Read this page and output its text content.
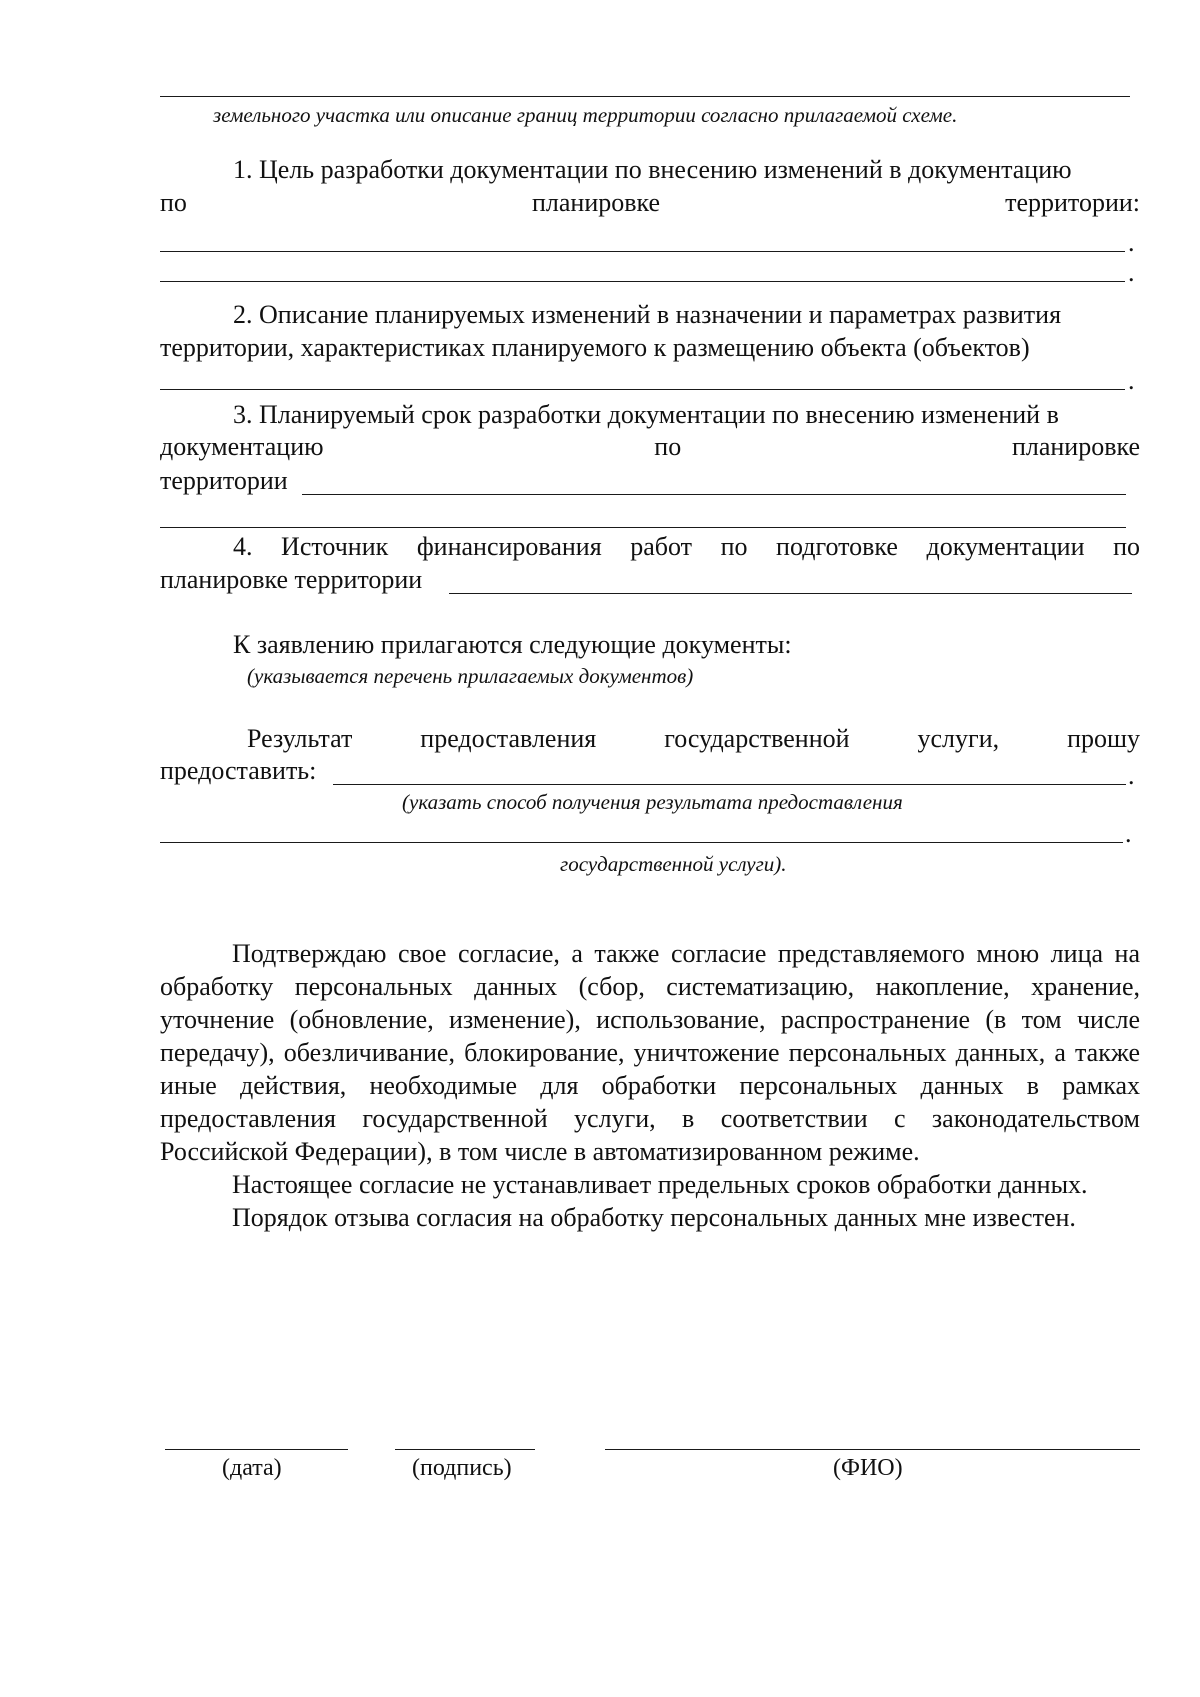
земельного участка или описание границ территории согласно прилагаемой схеме.
1. Цель разработки документации по внесению изменений в документацию
по	планировке	территории:
.
.
2. Описание планируемых изменений в назначении и параметрах развития
территории, характеристиках планируемого к размещению объекта (объектов)
.
3. Планируемый срок разработки документации по внесению изменений в
документацию	по	планировке
территории
4. Источник финансирования работ по подготовке документации по
планировке территории
К заявлению прилагаются следующие документы:
(указывается перечень прилагаемых документов)
Результат	предоставления	государственной	услуги,	прошу
предоставить:	.
(указать способ получения результата предоставления
.
государственной услуги).

Подтверждаю свое согласие, а также согласие представляемого мною лица на обработку персональных данных (сбор, систематизацию, накопление, хранение, уточнение (обновление, изменение), использование, распространение (в том числе передачу), обезличивание, блокирование, уничтожение персональных данных, а также иные действия, необходимые для обработки персональных данных в рамках предоставления государственной услуги, в соответствии с законодательством Российской Федерации), в том числе в автоматизированном режиме.

Настоящее согласие не устанавливает предельных сроков обработки данных.

Порядок отзыва согласия на обработку персональных данных мне известен.

(дата)	(подпись)	(ФИО)
